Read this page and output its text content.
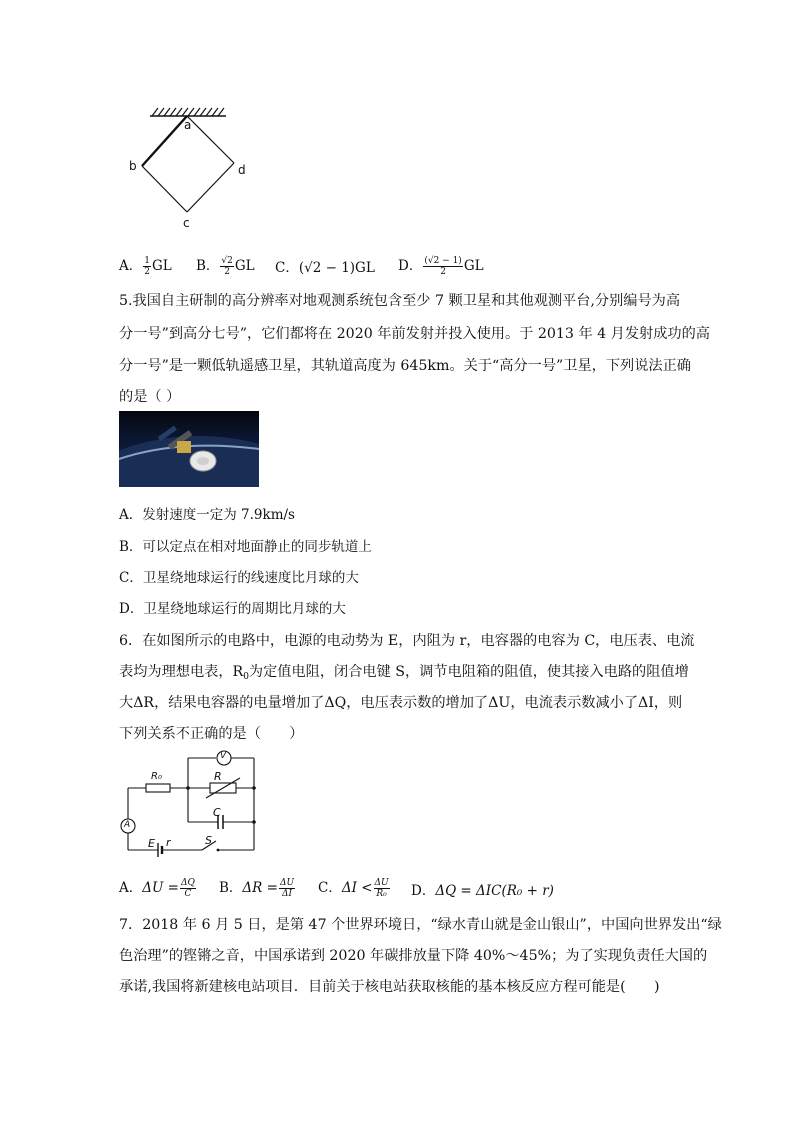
a
b	d
c
A． $\frac{1}{2}$ GL B． $\frac{√2}{2}$ GL C．(√2 − 1)GL D． $\frac{(√2 - 1)}{2}$ GL
5.我国自主研制的高分辨率对地观测系统包含至少 7 颗卫星和其他观测平台,分别编号为高
分一号”到高分七号”，它们都将在 2020 年前发射并投入使用。于 2013 年 4 月发射成功的高
分一号”是一颗低轨遥感卫星，其轨道高度为 645km。关于“高分一号”卫星，下列说法正确
的是（ ）
A．发射速度一定为 7.9km/s
B．可以定点在相对地面静止的同步轨道上
C．卫星绕地球运行的线速度比月球的大
D．卫星绕地球运行的周期比月球的大
6．在如图所示的电路中，电源的电动势为 E，内阻为 r，电容器的电容为 C，电压表、电流
表均为理想电表，$R_0$为定值电阻，闭合电键 S，调节电阻箱的阻值，使其接入电路的阻值增
大ΔR，结果电容器的电量增加了ΔQ，电压表示数的增加了ΔU，电流表示数减小了ΔI，则
下列关系不正确的是（　　）
V
R₀	R
C
A
E r	S
A．$\Delta U = \frac{\Delta Q}{C}$ B．$\Delta R = \frac{\Delta U}{\Delta I}$ C．$\Delta I < \frac{\Delta U}{\text{R₀}}$ D．ΔQ = ΔIC(R₀ + r)
7．2018 年 6 月 5 日，是第 47 个世界环境日，“绿水青山就是金山银山”，中国向世界发出“绿
色治理”的铿锵之音，中国承诺到 2020 年碳排放量下降 40%～45%；为了实现负责任大国的
承诺,我国将新建核电站项目．目前关于核电站获取核能的基本核反应方程可能是(　　)
